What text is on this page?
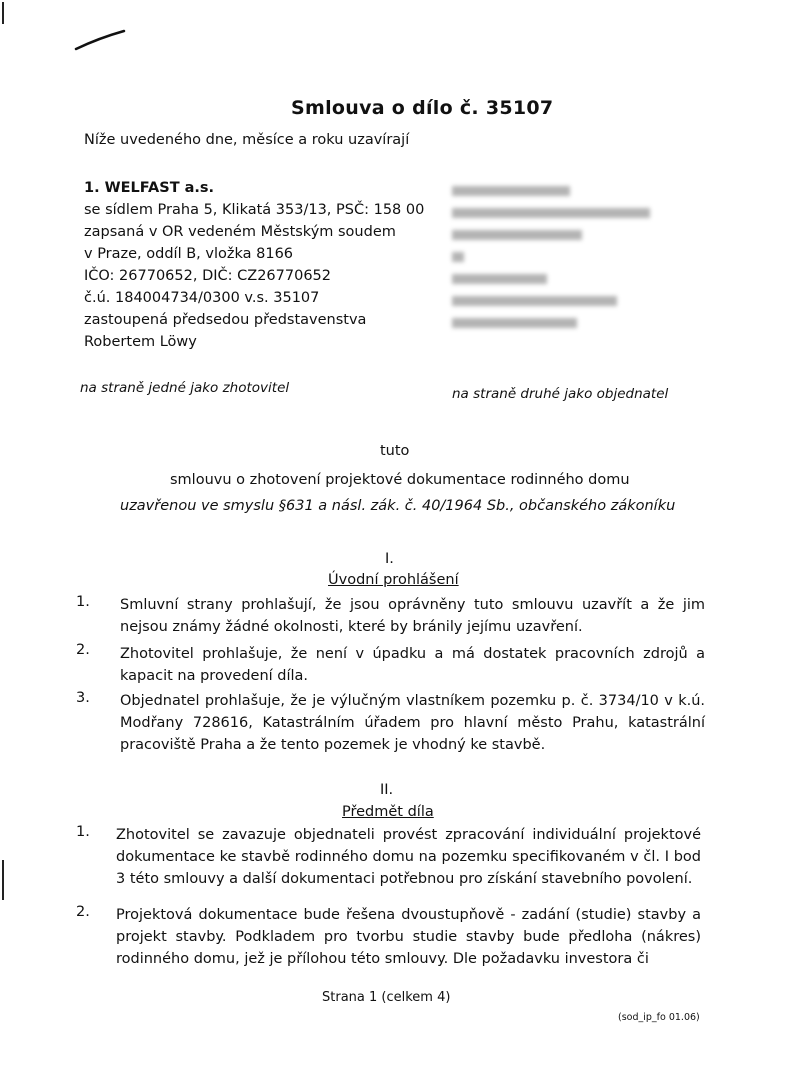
Smlouva o dílo č. 35107
Níže uvedeného dne, měsíce a roku uzavírají
1. WELFAST a.s.
se sídlem Praha 5, Klikatá 353/13, PSČ: 158 00
zapsaná v OR vedeném Městským soudem
v Praze, oddíl B, vložka 8166
IČO: 26770652, DIČ: CZ26770652
č.ú. 184004734/0300 v.s. 35107
zastoupená předsedou představenstva
Robertem Löwy
na straně jedné jako zhotovitel	na straně druhé jako objednatel
tuto
smlouvu o zhotovení projektové dokumentace rodinného domu
uzavřenou ve smyslu §631 a násl. zák. č. 40/1964 Sb., občanského zákoníku
I.
Úvodní prohlášení
1. Smluvní strany prohlašují, že jsou oprávněny tuto smlouvu uzavřít a že jim nejsou známy žádné okolnosti, které by bránily jejímu uzavření.
2. Zhotovitel prohlašuje, že není v úpadku a má dostatek pracovních zdrojů a kapacit na provedení díla.
3. Objednatel prohlašuje, že je výlučným vlastníkem pozemku p. č. 3734/10 v k.ú. Modřany 728616, Katastrálním úřadem pro hlavní město Prahu, katastrální pracoviště Praha a že tento pozemek je vhodný ke stavbě.
II.
Předmět díla
1. Zhotovitel se zavazuje objednateli provést zpracování individuální projektové dokumentace ke stavbě rodinného domu na pozemku specifikovaném v čl. I bod 3 této smlouvy a další dokumentaci potřebnou pro získání stavebního povolení.
2. Projektová dokumentace bude řešena dvoustupňově - zadání (studie) stavby a projekt stavby. Podkladem pro tvorbu studie stavby bude předloha (nákres) rodinného domu, jež je přílohou této smlouvy. Dle požadavku investora či
Strana 1 (celkem 4)
(sod_ip_fo 01.06)
